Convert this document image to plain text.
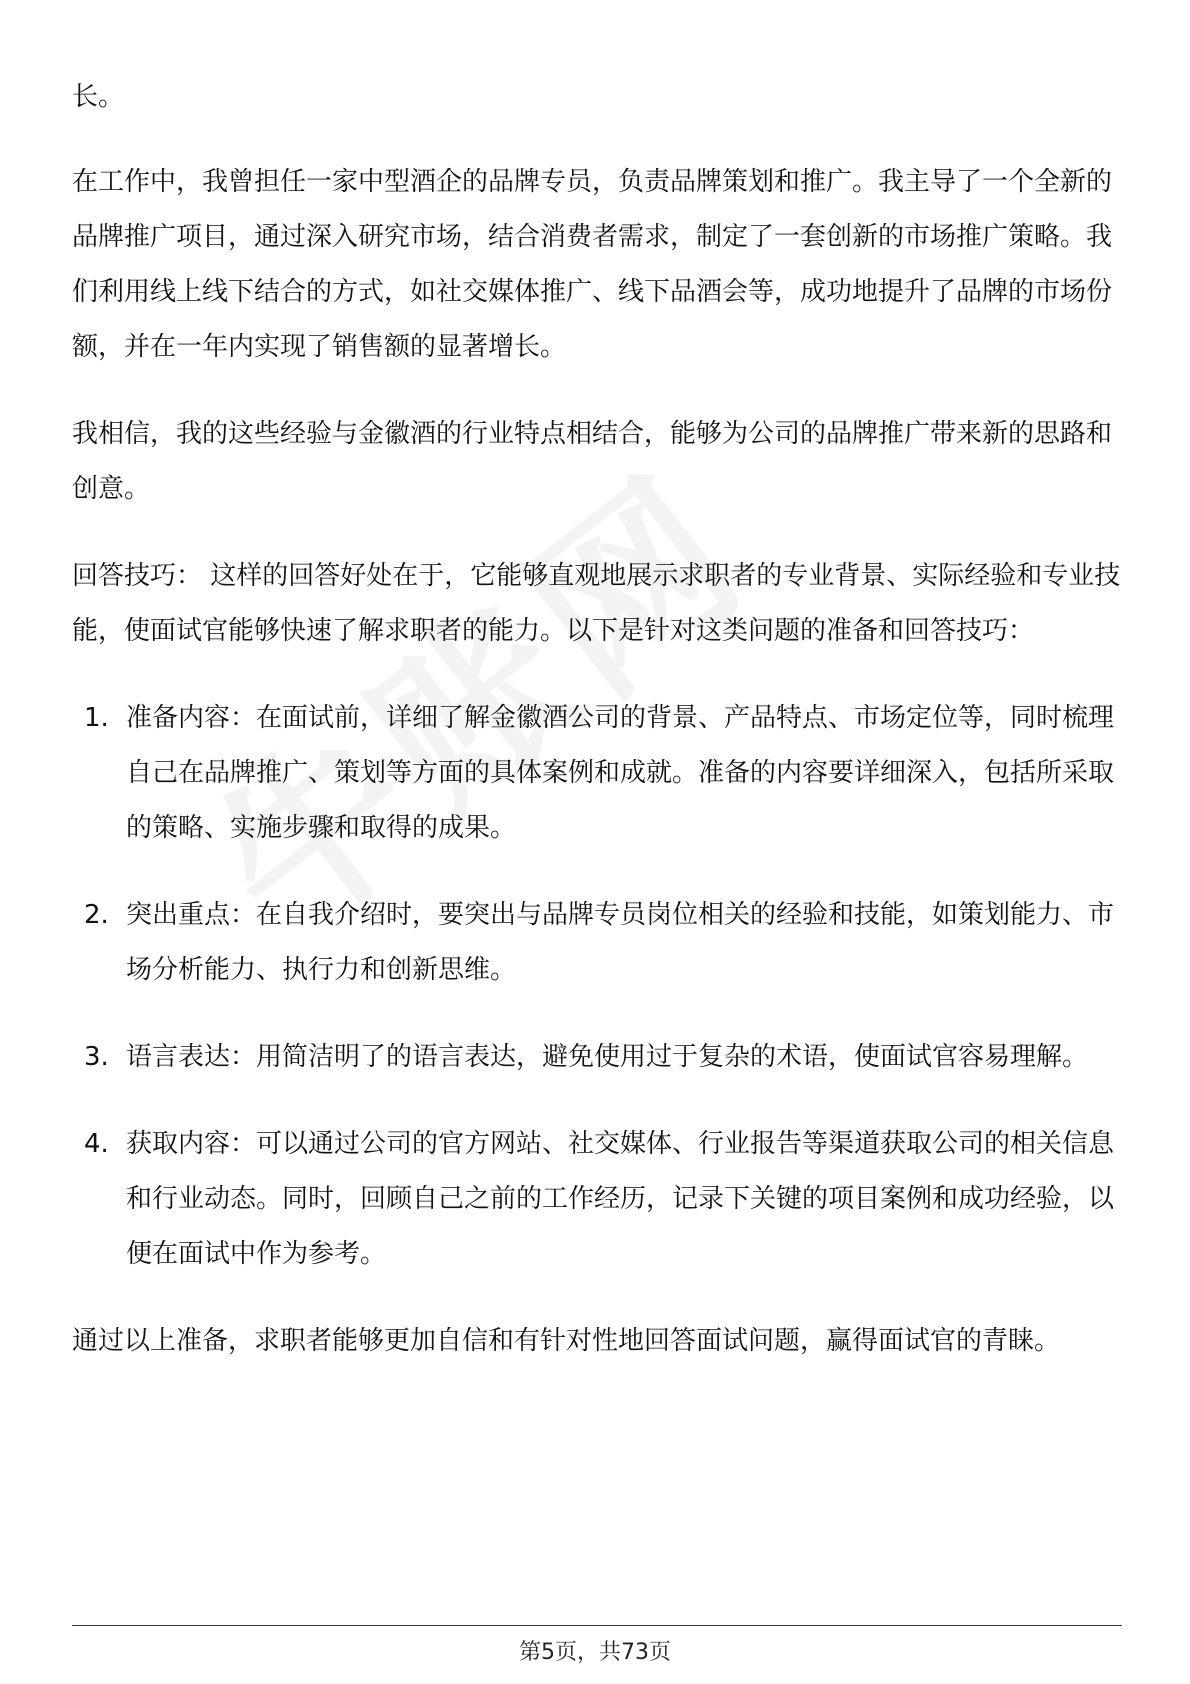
长。

在工作中，我曾担任一家中型酒企的品牌专员，负责品牌策划和推广。我主导了一个全新的品牌推广项目，通过深入研究市场，结合消费者需求，制定了一套创新的市场推广策略。我们利用线上线下结合的方式，如社交媒体推广、线下品酒会等，成功地提升了品牌的市场份额，并在一年内实现了销售额的显著增长。

我相信，我的这些经验与金徽酒的行业特点相结合，能够为公司的品牌推广带来新的思路和创意。

回答技巧： 这样的回答好处在于，它能够直观地展示求职者的专业背景、实际经验和专业技能，使面试官能够快速了解求职者的能力。以下是针对这类问题的准备和回答技巧：

1. 准备内容：在面试前，详细了解金徽酒公司的背景、产品特点、市场定位等，同时梳理自己在品牌推广、策划等方面的具体案例和成就。准备的内容要详细深入，包括所采取的策略、实施步骤和取得的成果。
2. 突出重点：在自我介绍时，要突出与品牌专员岗位相关的经验和技能，如策划能力、市场分析能力、执行力和创新思维。
3. 语言表达：用简洁明了的语言表达，避免使用过于复杂的术语，使面试官容易理解。
4. 获取内容：可以通过公司的官方网站、社交媒体、行业报告等渠道获取公司的相关信息和行业动态。同时，回顾自己之前的工作经历，记录下关键的项目案例和成功经验，以便在面试中作为参考。

通过以上准备，求职者能够更加自信和有针对性地回答面试问题，赢得面试官的青睐。

第5页，共73页
